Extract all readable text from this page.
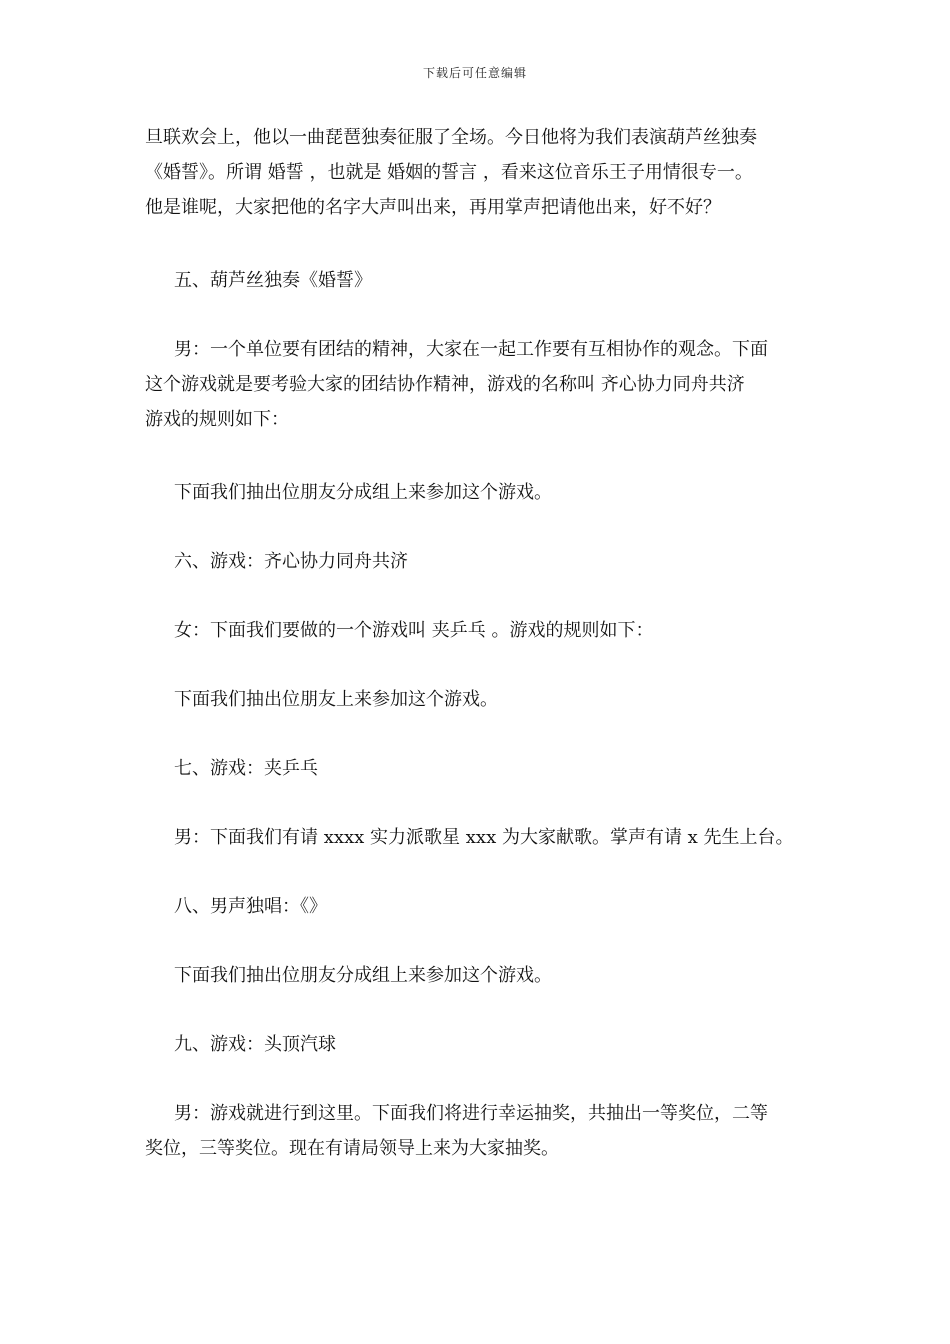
下载后可任意编辑
旦联欢会上，他以一曲琵琶独奏征服了全场。今日他将为我们表演葫芦丝独奏
《婚誓》。所谓 婚誓 ，也就是 婚姻的誓言 ，看来这位音乐王子用情很专一。
他是谁呢，大家把他的名字大声叫出来，再用掌声把请他出来，好不好？
五、葫芦丝独奏《婚誓》
男：一个单位要有团结的精神，大家在一起工作要有互相协作的观念。下面
这个游戏就是要考验大家的团结协作精神，游戏的名称叫 齐心协力同舟共济
游戏的规则如下：
下面我们抽出位朋友分成组上来参加这个游戏。
六、游戏：齐心协力同舟共济
女：下面我们要做的一个游戏叫 夹乒乓 。游戏的规则如下：
下面我们抽出位朋友上来参加这个游戏。
七、游戏：夹乒乓
男：下面我们有请 xxxx 实力派歌星 xxx 为大家献歌。掌声有请 x 先生上台。
八、男声独唱：《》
下面我们抽出位朋友分成组上来参加这个游戏。
九、游戏：头顶汽球
男：游戏就进行到这里。下面我们将进行幸运抽奖，共抽出一等奖位，二等
奖位，三等奖位。现在有请局领导上来为大家抽奖。
